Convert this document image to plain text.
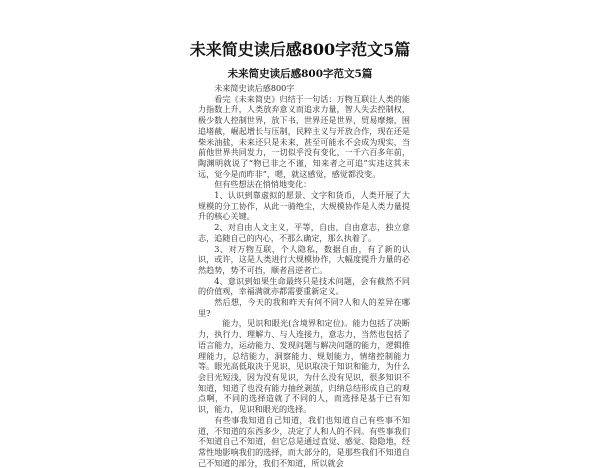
未来简史读后感800字范文5篇
未来简史读后感800字范文5篇

未来简史读后感800字

看完《未来简史》归结于一句话：万物互联让人类的能力指数上升，人类放弃意义而追求力量，智人失去控制权，极少数人控制世界，放下书，世界还是世界，贸易摩擦，围追堵截，崛起增长与压制，民粹主义与开放合作，现在还是柴米油盐，未来还只是未来，甚至可能永不会成为现实，当前他世界共同发力，一切似乎没有变化，一千六百多年前，陶渊明就说了“物已非之不谨，知来者之可追”实违这其未远，觉今是而昨非”，嗯，就这感觉，感觉都没变。

但有些想法在悄悄地变化：

1、认识到靠虚拟的愿景、文字和货币，人类开展了大规模的分工协作，从此一骑绝尘，大规模协作是人类力量提升的核心关键。

2、对自由人文主义，平等，自由，自由意志，独立意志，追随自己的内心，不那么确定，那么执着了。

3、对万物互联，个人隐私，数据自由，有了新的认识，或许，这是人类进行大规模协作，大幅度提升力量的必然趋势，势不可挡，顺者昌逆者亡。

4、意识到如果生命最终只是技术问题，会有截然不同的价值观，幸福满就亦都需要重新定义。

然后想，今天的我和昨天有何不同?人和人的差异在哪里?

能力，见识和眼光(含境界和定位)。能力包括了决断力，执行力、理解力、与人连接力，意志力，当然也包括了语言能力，运动能力、发现问题与解决问题的能力，逻辑推理能力，总结能力，洞察能力、规划能力，情绪控制能力等。眼光高低取决于见识，见识取决于知识和能力，为什么会目光短浅，因为没有见识，为什么没有见识，很多知识不知道，知道了也没有能力抽丝剥茧，归纳总结形成自己的观点啊，不同的选择造就了不同的人，而选择是基于已有知识，能力，见识和眼光的选择。

有些事我知道自己知道，我们也知道自己有些事不知道，不知道的东西多少，决定了人和人的不同。有些事我们不知道自己不知道，但它总是通过直觉、感觉、隐隐地，经常性地影响我们的选择，而大部分的，是那些我们不知道自己不知道的部分，我们不知道，所以就会
